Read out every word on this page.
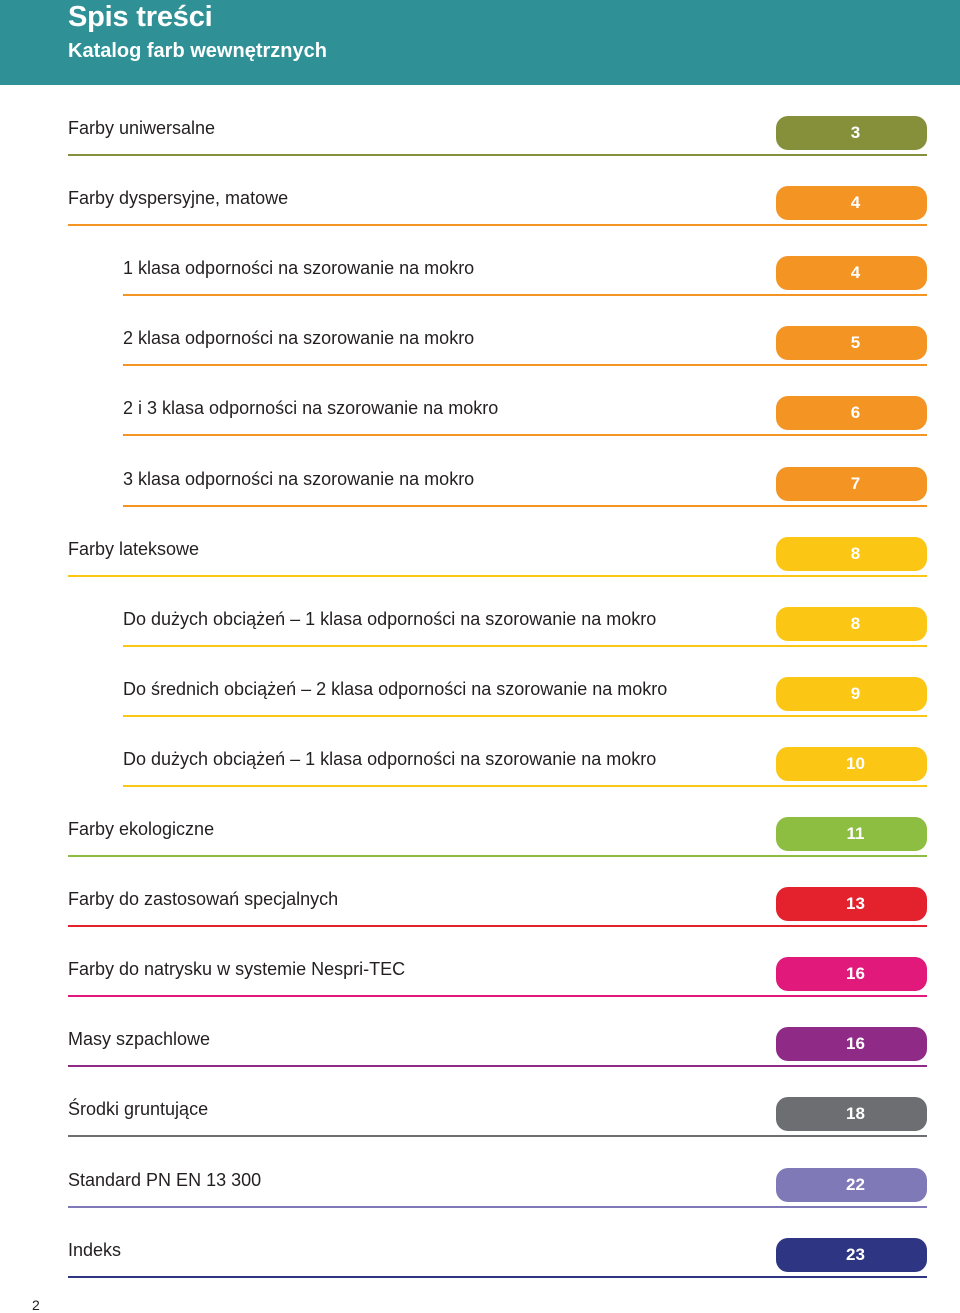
Spis treści
Katalog farb wewnętrznych
Farby uniwersalne	3
Farby dyspersyjne, matowe	4
1 klasa odporności na szorowanie na mokro	4
2 klasa odporności na szorowanie na mokro	5
2 i 3 klasa odporności na szorowanie na mokro	6
3 klasa odporności na szorowanie na mokro	7
Farby lateksowe	8
Do dużych obciążeń – 1 klasa odporności na szorowanie na mokro	8
Do średnich obciążeń – 2 klasa odporności na szorowanie na mokro	9
Do dużych obciążeń – 1 klasa odporności na szorowanie na mokro	10
Farby ekologiczne	11
Farby do zastosowań specjalnych	13
Farby do natrysku w systemie Nespri-TEC	16
Masy szpachlowe	16
Środki gruntujące	18
Standard PN EN 13 300	22
Indeks	23
2
